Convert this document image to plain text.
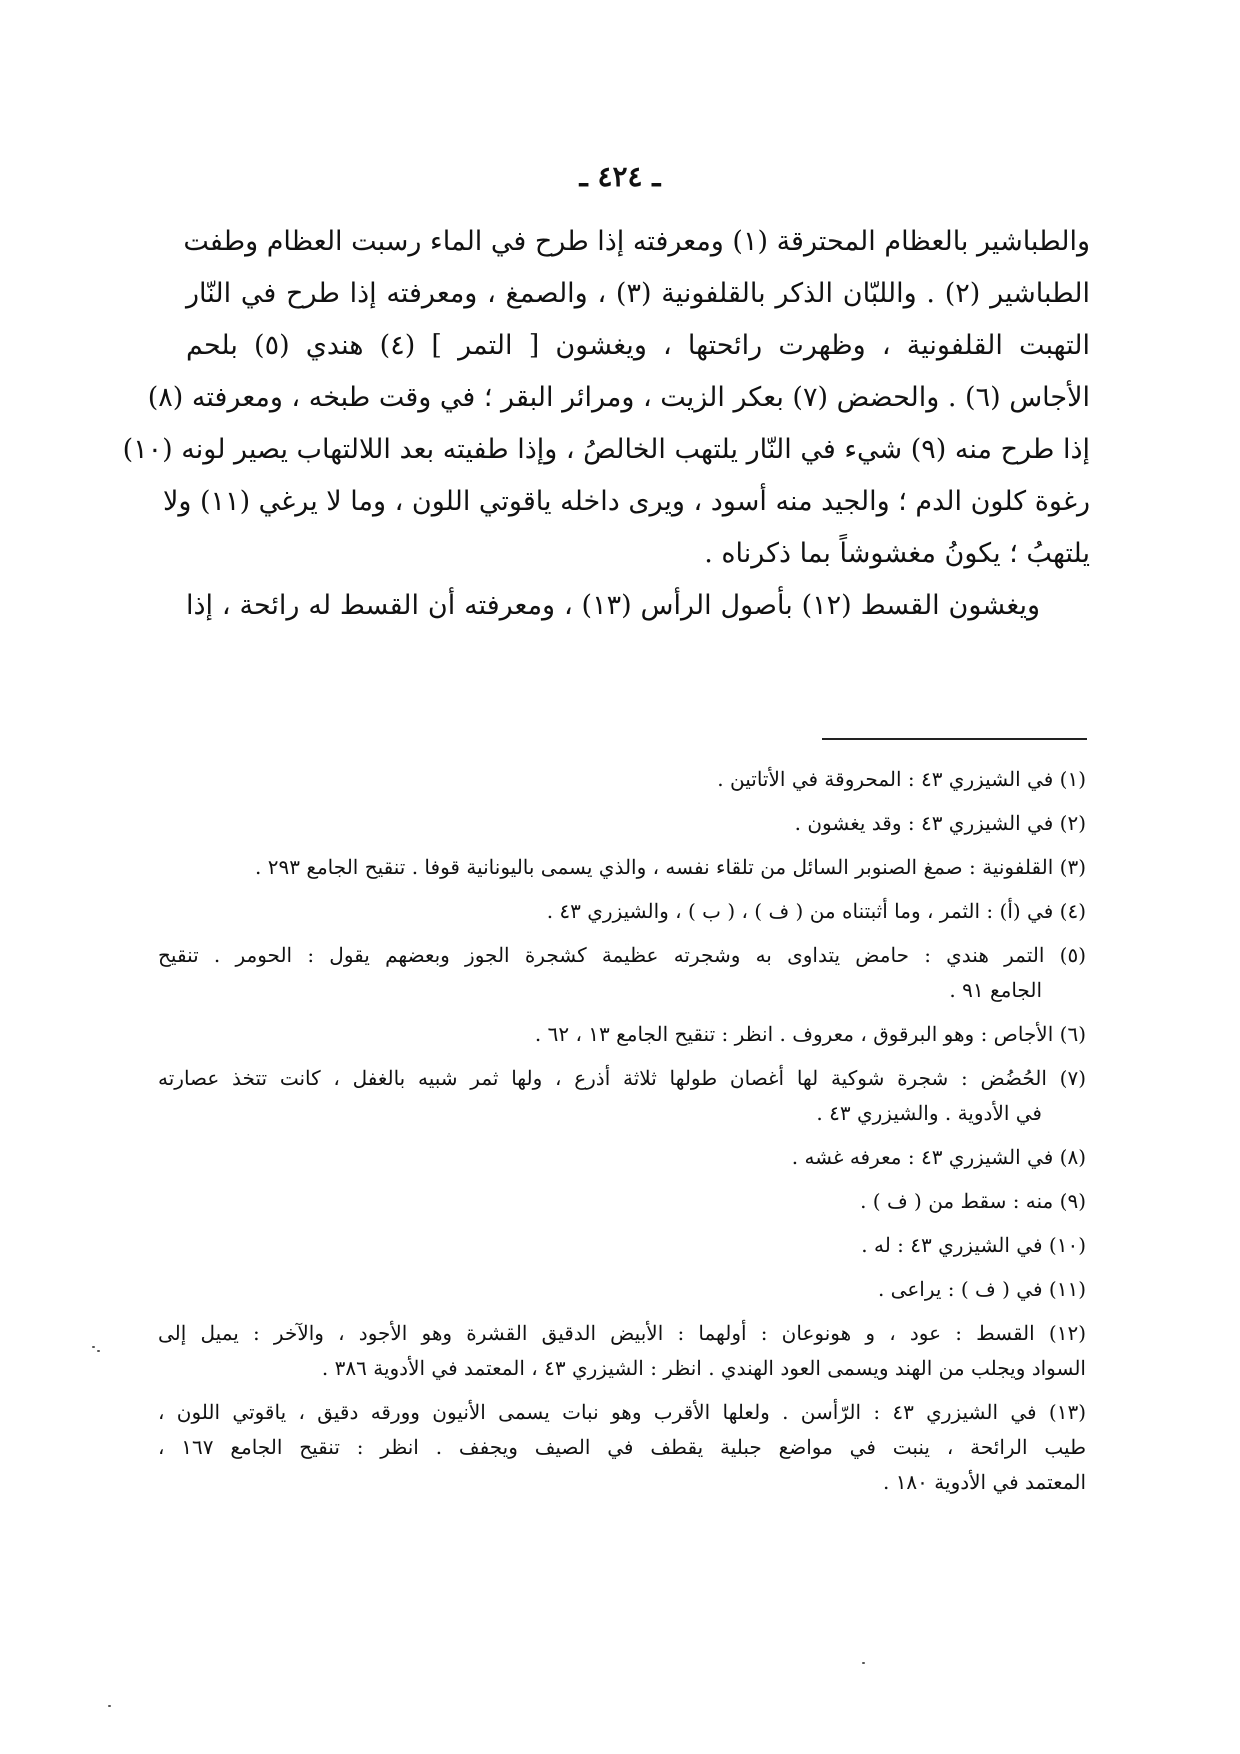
ـ ٤٢٤ ـ
والطباشير بالعظام المحترقة (١) ومعرفته إذا طرح في الماء رسبت العظام وطفت
الطباشير (٢) . واللبّان الذكر بالقلفونية (٣) ، والصمغ ، ومعرفته إذا طرح في النّار
التهبت القلفونية ، وظهرت رائحتها ، ويغشون [ التمر ] (٤) هندي (٥) بلحم
الأجاس (٦) . والحضض (٧) بعكر الزيت ، ومرائر البقر ؛ في وقت طبخه ، ومعرفته (٨)
إذا طرح منه (٩) شيء في النّار يلتهب الخالصُ ، وإذا طفيته بعد اللالتهاب يصير لونه (١٠)
رغوة كلون الدم ؛ والجيد منه أسود ، ويرى داخله ياقوتي اللون ، وما لا يرغي (١١) ولا
يلتهبُ ؛ يكونُ مغشوشاً بما ذكرناه .
ويغشون القسط (١٢) بأصول الرأس (١٣) ، ومعرفته أن القسط له رائحة ، إذا
(١) في الشيزري ٤٣ : المحروقة في الأتاتين .
(٢) في الشيزري ٤٣ : وقد يغشون .
(٣) القلفونية : صمغ الصنوبر السائل من تلقاء نفسه ، والذي يسمى باليونانية قوفا . تنقيح الجامع ٢٩٣ .
(٤) في (أ) : الثمر ، وما أثبتناه من ( ف ) ، ( ب ) ، والشيزري ٤٣ .
(٥) التمر هندي : حامض يتداوى به وشجرته عظيمة كشجرة الجوز وبعضهم يقول : الحومر . تنقيح
الجامع ٩١ .
(٦) الأجاص : وهو البرقوق ، معروف . انظر : تنقيح الجامع ١٣ ، ٦٢ .
(٧) الحُضُض : شجرة شوكية لها أغصان طولها ثلاثة أذرع ، ولها ثمر شبيه بالغفل ، كانت تتخذ عصارته
في الأدوية . والشيزري ٤٣ .
(٨) في الشيزري ٤٣ : معرفه غشه .
(٩) منه : سقط من ( ف ) .
(١٠) في الشيزري ٤٣ : له .
(١١) في ( ف ) : يراعى .
(١٢) القسط : عود ، و هونوعان : أولهما : الأبيض الدقيق القشرة وهو الأجود ، والآخر : يميل إلى
السواد ويجلب من الهند ويسمى العود الهندي . انظر : الشيزري ٤٣ ، المعتمد في الأدوية ٣٨٦ .
(١٣) في الشيزري ٤٣ : الرّأسن . ولعلها الأقرب وهو نبات يسمى الأنيون وورقه دقيق ، ياقوتي اللون ،
طيب الرائحة ، ينبت في مواضع جبلية يقطف في الصيف ويجفف . انظر : تنقيح الجامع ١٦٧ ،
المعتمد في الأدوية ١٨٠ .
